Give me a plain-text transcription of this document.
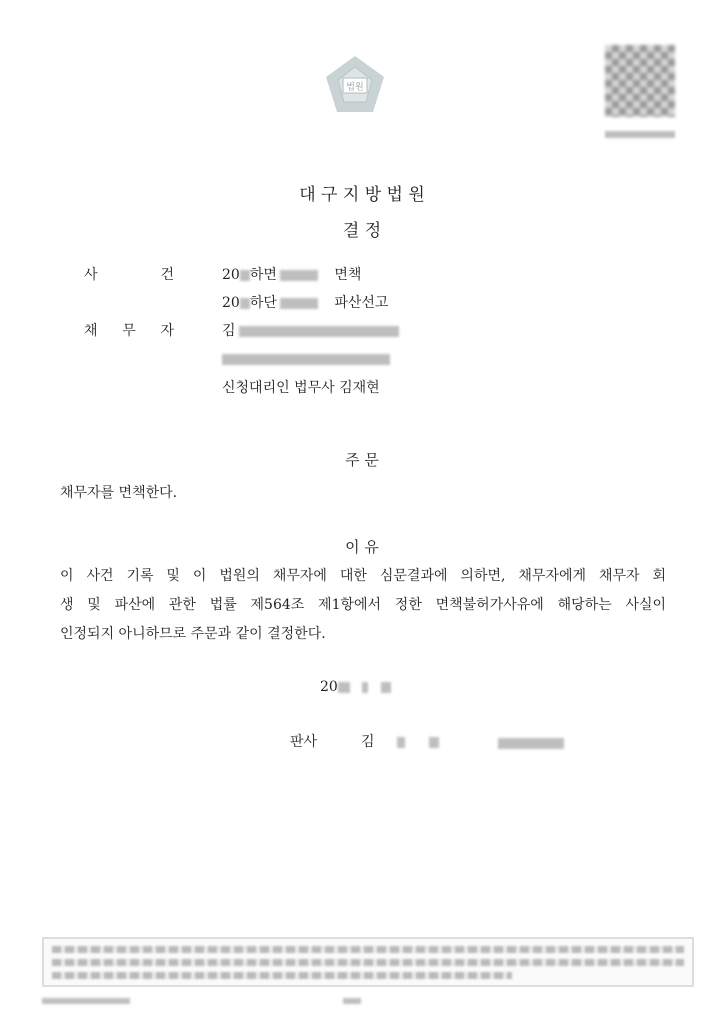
법원
대 구 지 방 법 원
결 정
사	건	20 하면	면책
20 하단	파산선고
채 무 자	김
신청대리인 법무사 김재현
주 문
채무자를 면책한다.
이 유
이 사건 기록 및 이 법원의 채무자에 대한 심문결과에 의하면, 채무자에게 채무자 회
생 및 파산에 관한 법률 제564조 제1항에서 정한 면책불허가사유에 해당하는 사실이
인정되지 아니하므로 주문과 같이 결정한다.
20
판사	김
